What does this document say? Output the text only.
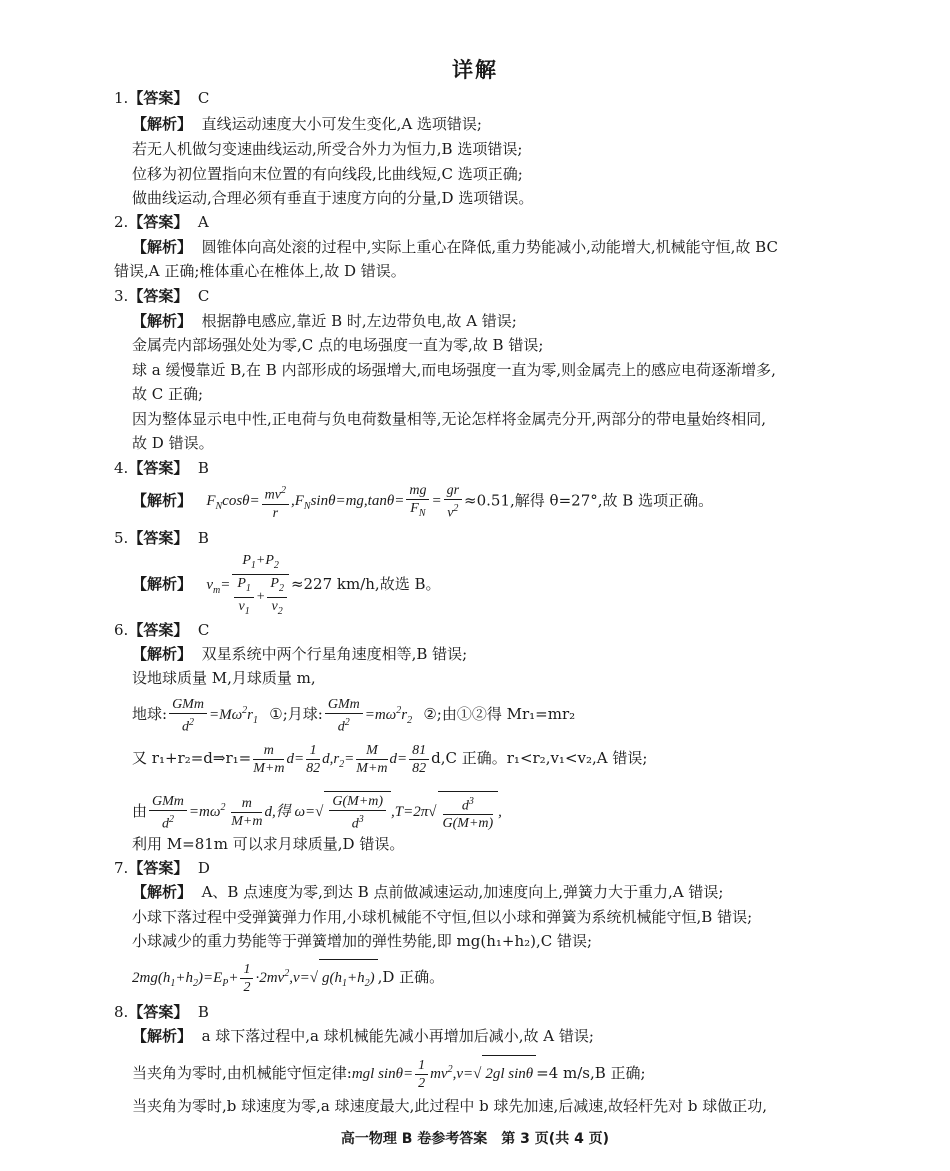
详解
1.【答案】 C
【解析】 直线运动速度大小可发生变化,A 选项错误;
若无人机做匀变速曲线运动,所受合外力为恒力,B 选项错误;
位移为初位置指向末位置的有向线段,比曲线短,C 选项正确;
做曲线运动,合理必须有垂直于速度方向的分量,D 选项错误。
2.【答案】 A
【解析】 圆锥体向高处滚的过程中,实际上重心在降低,重力势能减小,动能增大,机械能守恒,故 BC
错误,A 正确;椎体重心在椎体上,故 D 错误。
3.【答案】 C
【解析】 根据静电感应,靠近 B 时,左边带负电,故 A 错误;
金属壳内部场强处处为零,C 点的电场强度一直为零,故 B 错误;
球 a 缓慢靠近 B,在 B 内部形成的场强增大,而电场强度一直为零,则金属壳上的感应电荷逐渐增多,
故 C 正确;
因为整体显示电中性,正电荷与负电荷数量相等,无论怎样将金属壳分开,两部分的带电量始终相同,
故 D 错误。
4.【答案】 B
【解析】 $F_N\cos\theta= \frac{mv^2}{r} ,F_N\sin\theta=mg,\tan\theta= \frac{mg}{F_N} = \frac{gr}{v^2} \approx 0.51$,解得 θ=27°,故 B 选项正确。
5.【答案】 B
【解析】 $v_m= \frac{P_1+P_2}{\frac{P_1}{v_1} + \frac{P_2}{v_2}} \approx 227$ km/h,故选 B。
6.【答案】 C
【解析】 双星系统中两个行星角速度相等,B 错误;
设地球质量 M,月球质量 m,
地球: $\frac{\text{GMm}}{d^2} =M\omega^2r_1$ ①;月球: $\frac{\text{GMm}}{d^2} =m\omega^2r_2$ ②;由①②得 Mr₁=mr₂
又 r₁+r₂=d⇒r₁= $\frac{m}{M+m} d= \frac{1}{82} d,r_2= \frac{M}{M+m} d= \frac{81}{82} d,C$ 正确。r₁<r₂,v₁<v₂,A 错误;
由 $\frac{\text{GMm}}{d^2} =m\omega^2 \frac{m}{M+m} d$,得 $\omega=√ \frac{G(M+m)}{d^3} ,T=2\pi√ \frac{d^3}{G(M+m)}$ ,
利用 M=81m 可以求月球质量,D 错误。
7.【答案】 D
【解析】 A、B 点速度为零,到达 B 点前做减速运动,加速度向上,弹簧力大于重力,A 错误;
小球下落过程中受弹簧弹力作用,小球机械能不守恒,但以小球和弹簧为系统机械能守恒,B 错误;
小球减少的重力势能等于弹簧增加的弹性势能,即 mg(h₁+h₂),C 错误;
$2mg(h_1+h_2)=E_P+ \frac{1}{2} \cdot 2mv^2,v=√$ $g(h_1+h_2)$ ,D 正确。
8.【答案】 B
【解析】 a 球下落过程中,a 球机械能先减小再增加后减小,故 A 错误;
当夹角为零时,由机械能守恒定律:mgl $\sin\theta= \frac{1}{2} mv^2,v=√$ 2gl sinθ =4 m/s,B 正确;
当夹角为零时,b 球速度为零,a 球速度最大,此过程中 b 球先加速,后减速,故轻杆先对 b 球做正功,
高一物理 B 卷参考答案　第 3 页(共 4 页)
